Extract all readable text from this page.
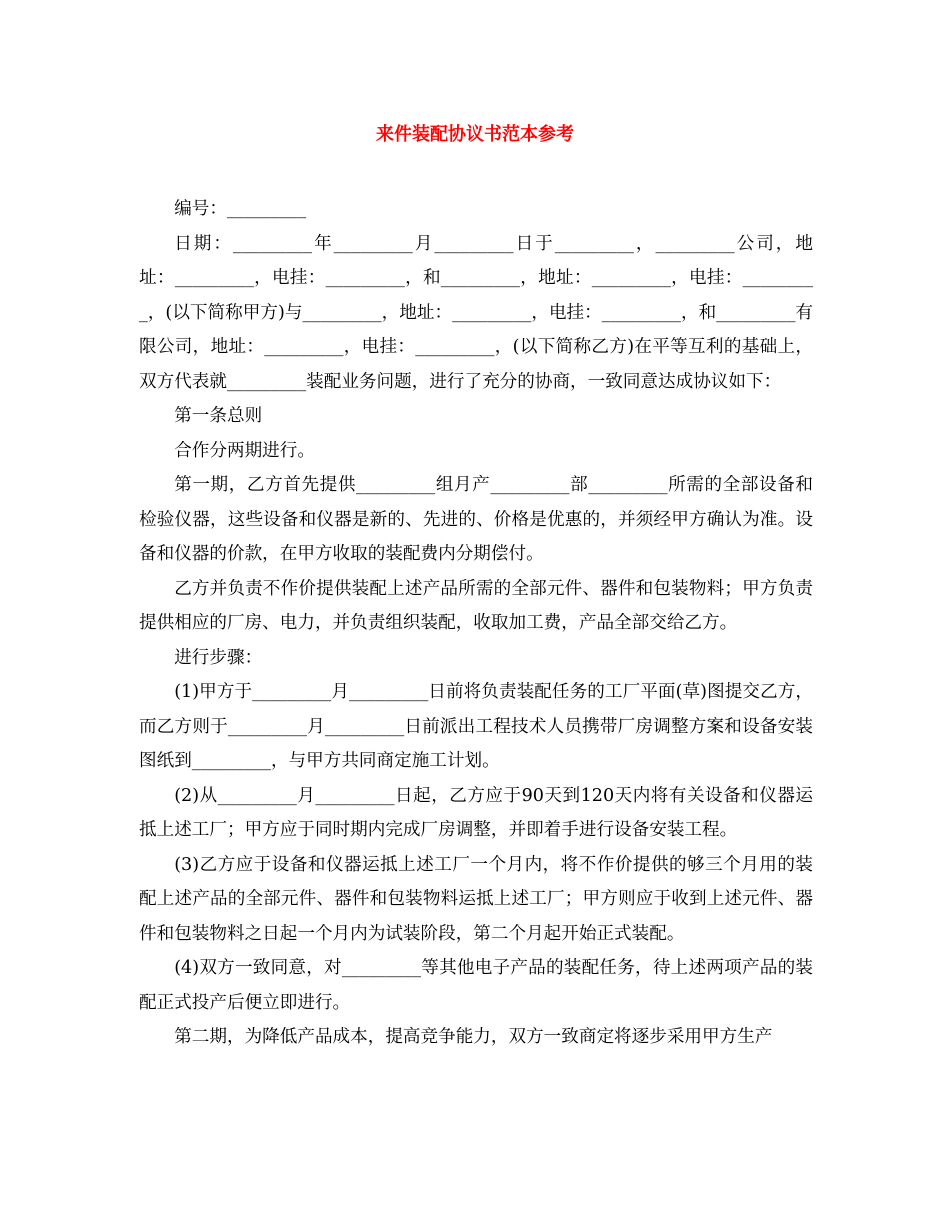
来件装配协议书范本参考

编号：_________

日期：_________年_________月_________日于_________，_________公司，地址：_________，电挂：_________，和_________，地址：_________，电挂：_________，(以下简称甲方)与_________，地址：_________，电挂：_________，和_________有限公司，地址：_________，电挂：_________，(以下简称乙方)在平等互利的基础上，双方代表就_________装配业务问题，进行了充分的协商，一致同意达成协议如下：

第一条总则

合作分两期进行。

第一期，乙方首先提供_________组月产_________部_________所需的全部设备和检验仪器，这些设备和仪器是新的、先进的、价格是优惠的，并须经甲方确认为准。设备和仪器的价款，在甲方收取的装配费内分期偿付。

乙方并负责不作价提供装配上述产品所需的全部元件、器件和包装物料；甲方负责提供相应的厂房、电力，并负责组织装配，收取加工费，产品全部交给乙方。

进行步骤：

(1)甲方于_________月_________日前将负责装配任务的工厂平面(草)图提交乙方，而乙方则于_________月_________日前派出工程技术人员携带厂房调整方案和设备安装图纸到_________，与甲方共同商定施工计划。

(2)从_________月_________日起，乙方应于90天到120天内将有关设备和仪器运抵上述工厂；甲方应于同时期内完成厂房调整，并即着手进行设备安装工程。

(3)乙方应于设备和仪器运抵上述工厂一个月内，将不作价提供的够三个月用的装配上述产品的全部元件、器件和包装物料运抵上述工厂；甲方则应于收到上述元件、器件和包装物料之日起一个月内为试装阶段，第二个月起开始正式装配。

(4)双方一致同意，对_________等其他电子产品的装配任务，待上述两项产品的装配正式投产后便立即进行。

第二期，为降低产品成本，提高竞争能力，双方一致商定将逐步采用甲方生产
